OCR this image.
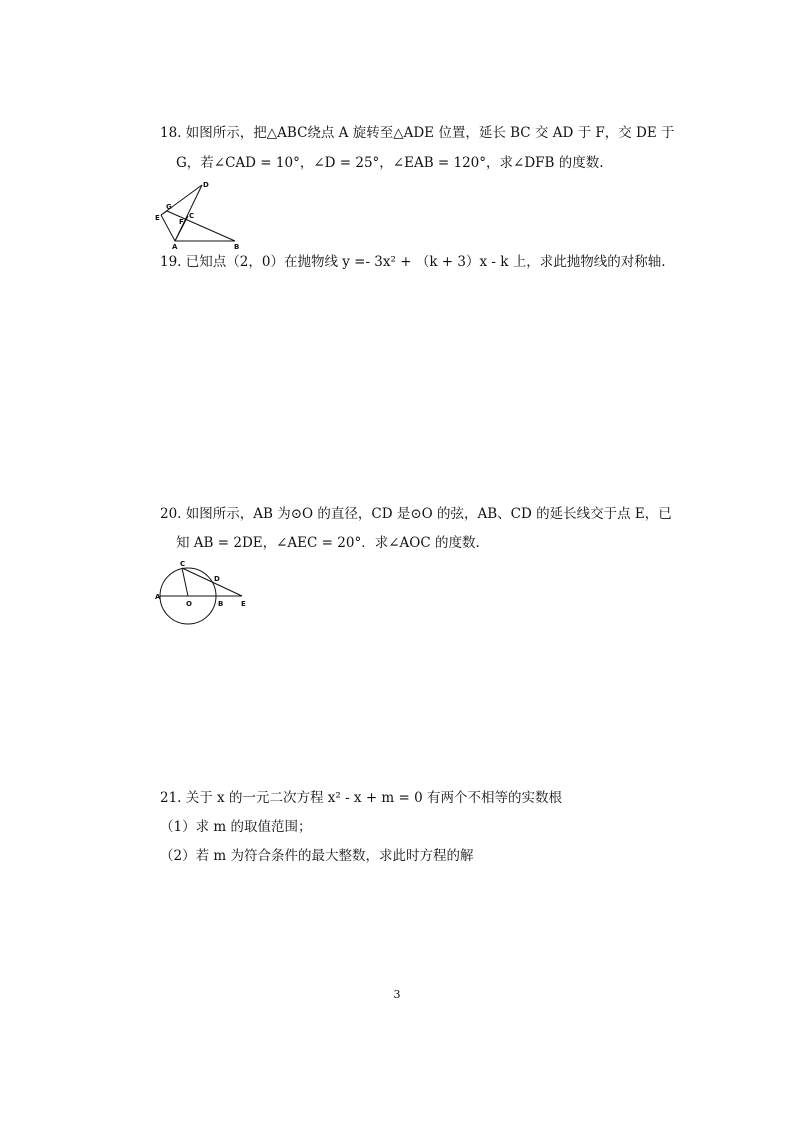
18. 如图所示，把△ABC绕点 A 旋转至△ADE 位置，延长 BC 交 AD 于 F，交 DE 于
G，若∠CAD = 10°，∠D = 25°，∠EAB = 120°，求∠DFB 的度数.
D
G
E	C
F
A	B
19. 已知点（2，0）在抛物线 y =- 3x² + （k + 3）x - k 上，求此抛物线的对称轴.
20. 如图所示，AB 为⊙O 的直径，CD 是⊙O 的弦，AB、CD 的延长线交于点 E，已
知 AB = 2DE，∠AEC = 20°．求∠AOC 的度数.
A
O	B	E
C
D
21. 关于 x 的一元二次方程 x² - x + m = 0 有两个不相等的实数根
（1）求 m 的取值范围；
（2）若 m 为符合条件的最大整数，求此时方程的解
3
